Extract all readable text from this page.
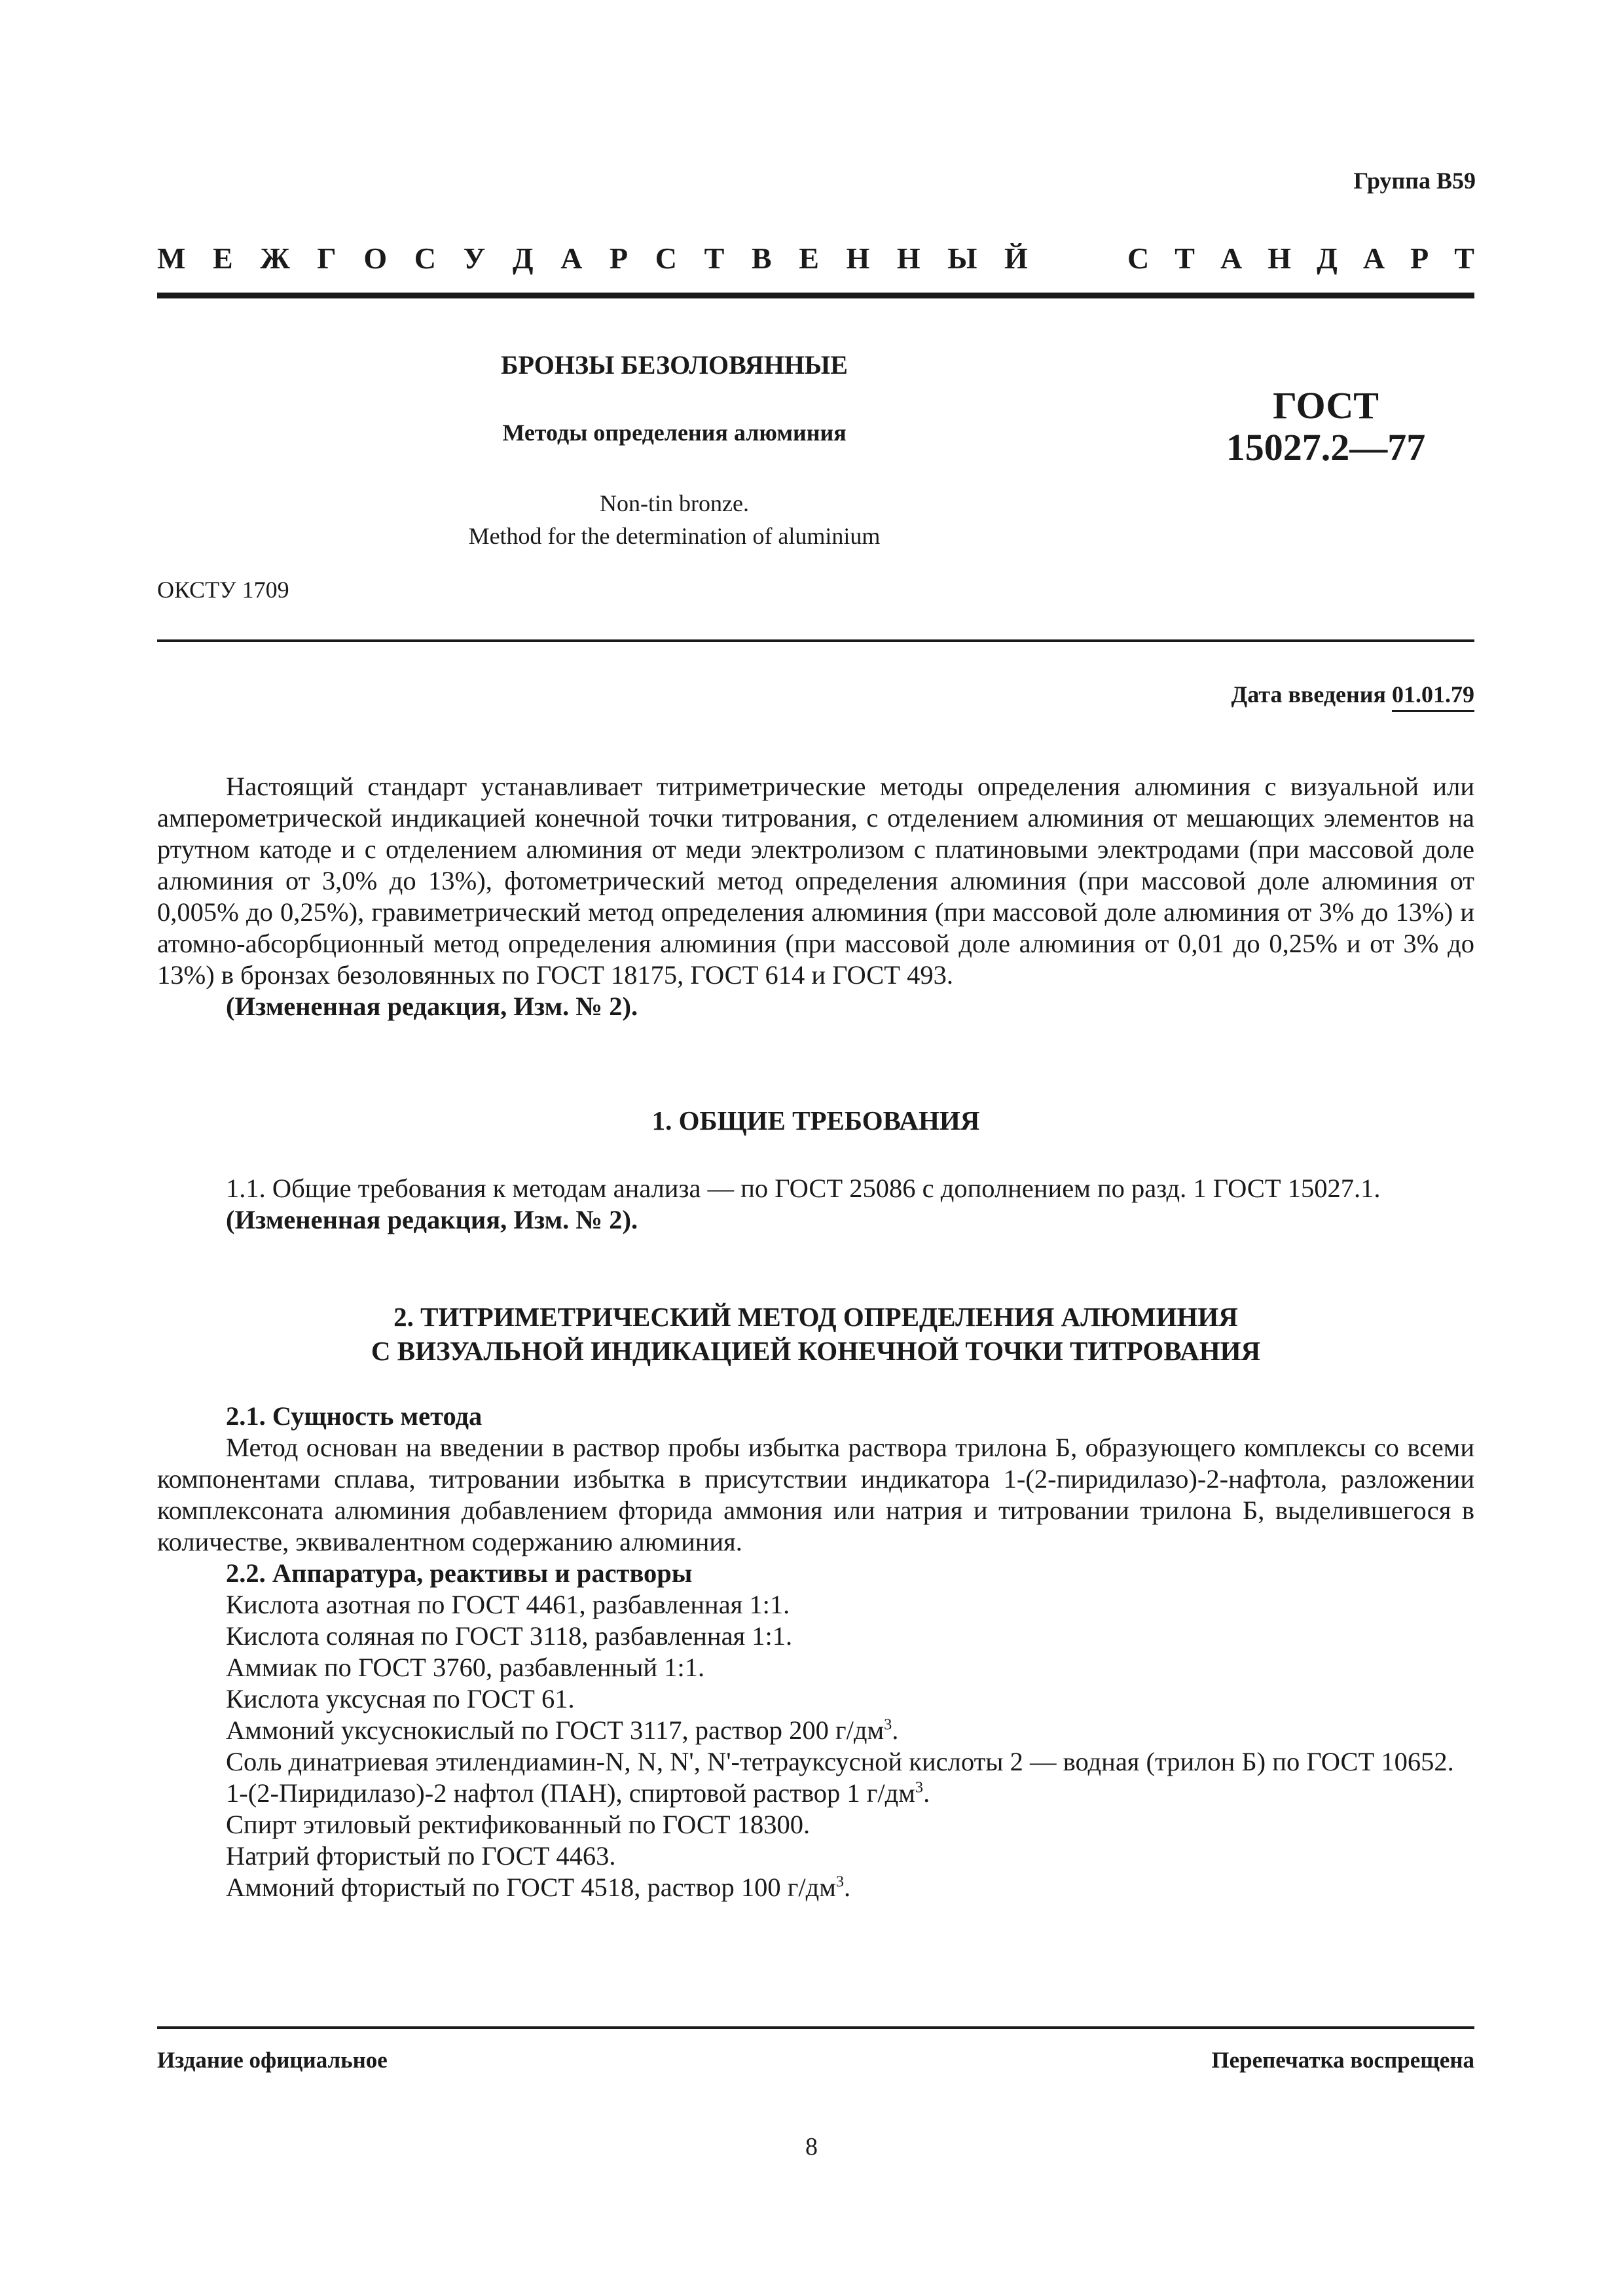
Группа В59
М Е Ж Г О С У Д А Р С Т В Е Н Н Ы Й	С Т А Н Д А Р Т
БРОНЗЫ БЕЗОЛОВЯННЫЕ
Методы определения алюминия
Non-tin bronze.
Method for the determination of aluminium
ГОСТ
15027.2—77
ОКСТУ 1709
Дата введения 01.01.79

Настоящий стандарт устанавливает титриметрические методы определения алюминия с визуальной или амперометрической индикацией конечной точки титрования, с отделением алюминия от мешающих элементов на ртутном катоде и с отделением алюминия от меди электролизом с платиновыми электродами (при массовой доле алюминия от 3,0% до 13%), фотометрический метод определения алюминия (при массовой доле алюминия от 0,005% до 0,25%), гравиметрический метод определения алюминия (при массовой доле алюминия от 3% до 13%) и атомно-абсорбционный метод определения алюминия (при массовой доле алюминия от 0,01 до 0,25% и от 3% до 13%) в бронзах безоловянных по ГОСТ 18175, ГОСТ 614 и ГОСТ 493.

(Измененная редакция, Изм. № 2).

1. ОБЩИЕ ТРЕБОВАНИЯ

1.1. Общие требования к методам анализа — по ГОСТ 25086 с дополнением по разд. 1 ГОСТ 15027.1.

(Измененная редакция, Изм. № 2).

2. ТИТРИМЕТРИЧЕСКИЙ МЕТОД ОПРЕДЕЛЕНИЯ АЛЮМИНИЯ
С ВИЗУАЛЬНОЙ ИНДИКАЦИЕЙ КОНЕЧНОЙ ТОЧКИ ТИТРОВАНИЯ

2.1. Сущность метода

Метод основан на введении в раствор пробы избытка раствора трилона Б, образующего комплексы со всеми компонентами сплава, титровании избытка в присутствии индикатора 1-(2-пиридилазо)-2-нафтола, разложении комплексоната алюминия добавлением фторида аммония или натрия и титровании трилона Б, выделившегося в количестве, эквивалентном содержанию алюминия.

2.2. Аппаратура, реактивы и растворы

Кислота азотная по ГОСТ 4461, разбавленная 1:1.

Кислота соляная по ГОСТ 3118, разбавленная 1:1.

Аммиак по ГОСТ 3760, разбавленный 1:1.

Кислота уксусная по ГОСТ 61.

Аммоний уксуснокислый по ГОСТ 3117, раствор 200 $г/дм^3$.

Соль динатриевая этилендиамин-N, N, N', N'-тетрауксусной кислоты 2 — водная (трилон Б) по ГОСТ 10652.

1-(2-Пиридилазо)-2 нафтол (ПАН), спиртовой раствор 1 $г/дм^3$.

Спирт этиловый ректификованный по ГОСТ 18300.

Натрий фтористый по ГОСТ 4463.

Аммоний фтористый по ГОСТ 4518, раствор 100 $г/дм^3$.

Издание официальное	Перепечатка воспрещена
8
